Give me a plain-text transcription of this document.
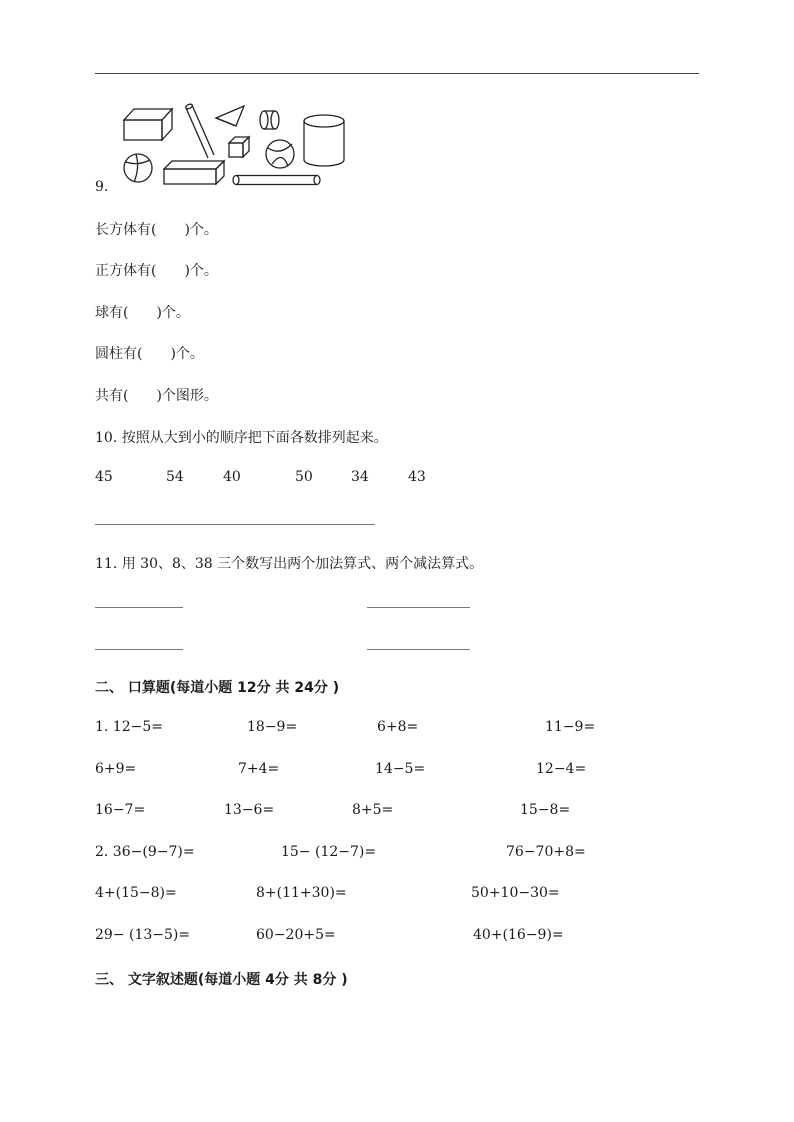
9.
长方体有(　　)个。
正方体有(　　)个。
球有(　　)个。
圆柱有(　　)个。
共有(　　)个图形。
10. 按照从大到小的顺序把下面各数排列起来。
45	54	40	50	34	43
11. 用 30、8、38 三个数写出两个加法算式、两个减法算式。
二、 口算题(每道小题 12分 共 24分 )
1. 12−5=	18−9=	6+8=	11−9=
6+9=	7+4=	14−5=	12−4=
16−7=	13−6=	8+5=	15−8=
2. 36−(9−7)=	15− (12−7)=	76−70+8=
4+(15−8)=	8+(11+30)=	50+10−30=
29− (13−5)=	60−20+5=	40+(16−9)=
三、 文字叙述题(每道小题 4分 共 8分 )
